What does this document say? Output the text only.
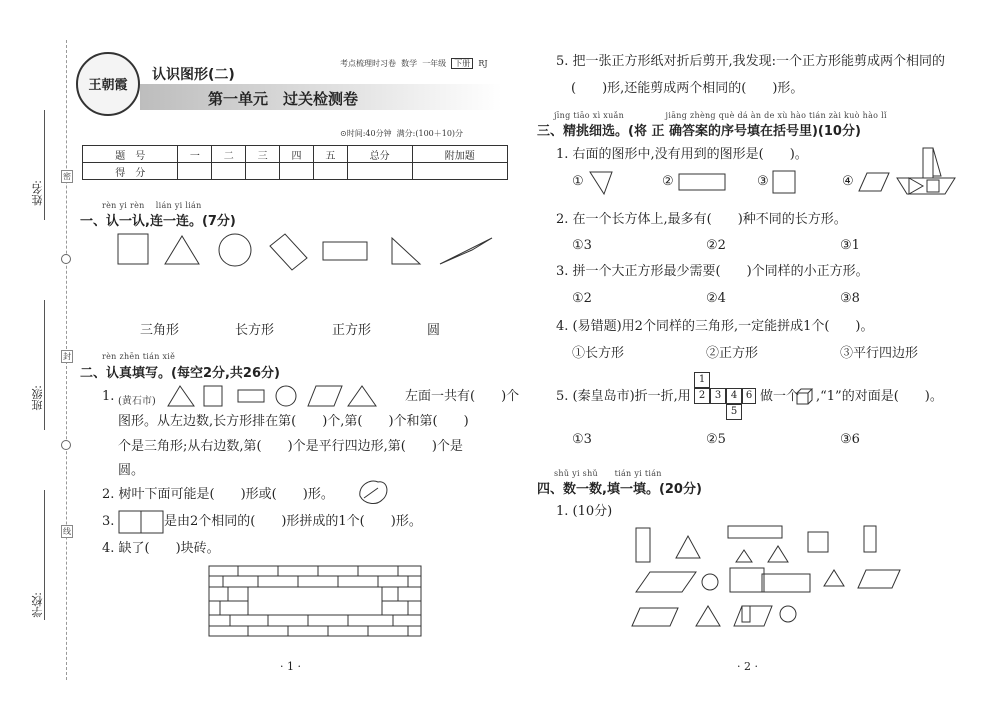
姓名:
班级:
学校:
密
封
线
王朝霞
认识图形(二)
考点梳理时习卷 数学 一年级 下册 RJ
第一单元　过关检测卷
⊙时间:40分钟 满分:(100＋10)分
题　号	一	二	三	四	五	总分	附加题
得　分							
rèn yi rèn　 lián yi lián
一、认一认,连一连。(7分)
三角形	长方形	正方形	圆
rèn zhēn tián xiě
二、认真填写。(每空2分,共26分)
1. (黄石市)	左面一共有(　　)个
图形。从左边数,长方形排在第(　　)个,第(　　)个和第(　　)
个是三角形;从右边数,第(　　)个是平行四边形,第(　　)个是
圆。
2. 树叶下面可能是(　　)形或(　　)形。
3.	是由2个相同的(　　)形拼成的1个(　　)形。
4. 缺了(　　)块砖。
· 1 ·
5. 把一张正方形纸对折后剪开,我发现:一个正方形能剪成两个相同的
(　　)形,还能剪成两个相同的(　　)形。
jīng tiāo xì xuǎn　　　　　jiāng zhèng què dá àn de xù hào tián zài kuò hào lǐ
三、精挑细选。(将 正 确答案的序号填在括号里)(10分)
1. 右面的图形中,没有用到的图形是(　　)。
①	②	③	④
2. 在一个长方体上,最多有(　　)种不同的长方形。
①3	②2	③1
3. 拼一个大正方形最少需要(　　)个同样的小正方形。
①2	②4	③8
4. (易错题)用2个同样的三角形,一定能拼成1个(　　)。
①长方形	②正方形	③平行四边形
5. (秦皇岛市)折一折,用
1
2 3 4 6
5
做一个 ,“1”的对面是(　　)。
①3	②5	③6
shǔ yi shǔ　　tián yi tián
四、数一数,填一填。(20分)
1. (10分)
· 2 ·
